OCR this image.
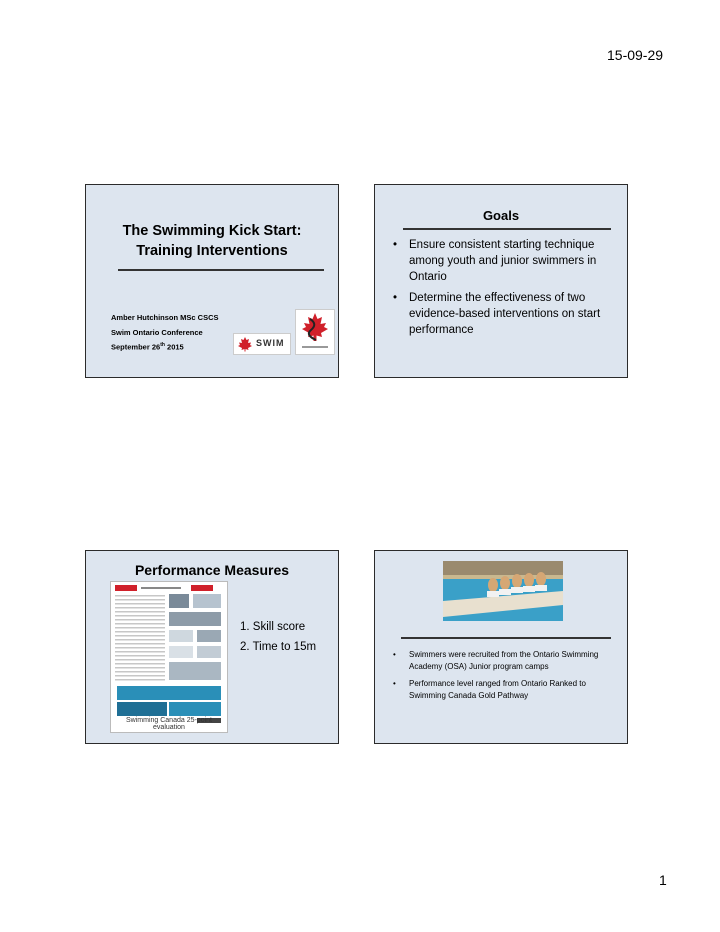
15-09-29
The Swimming Kick Start:
Training Interventions
Amber Hutchinson MSc CSCS
Swim Ontario Conference
September 26th 2015	SWIM
Goals
• Ensure consistent starting technique among youth and junior swimmers in Ontario
• Determine the effectiveness of two evidence-based interventions on start performance
Performance Measures
Swimming Canada 25-point evaluation
1. Skill score
2. Time to 15m
• Swimmers were recruited from the Ontario Swimming Academy (OSA) Junior program camps
• Performance level ranged from Ontario Ranked to Swimming Canada Gold Pathway
1
